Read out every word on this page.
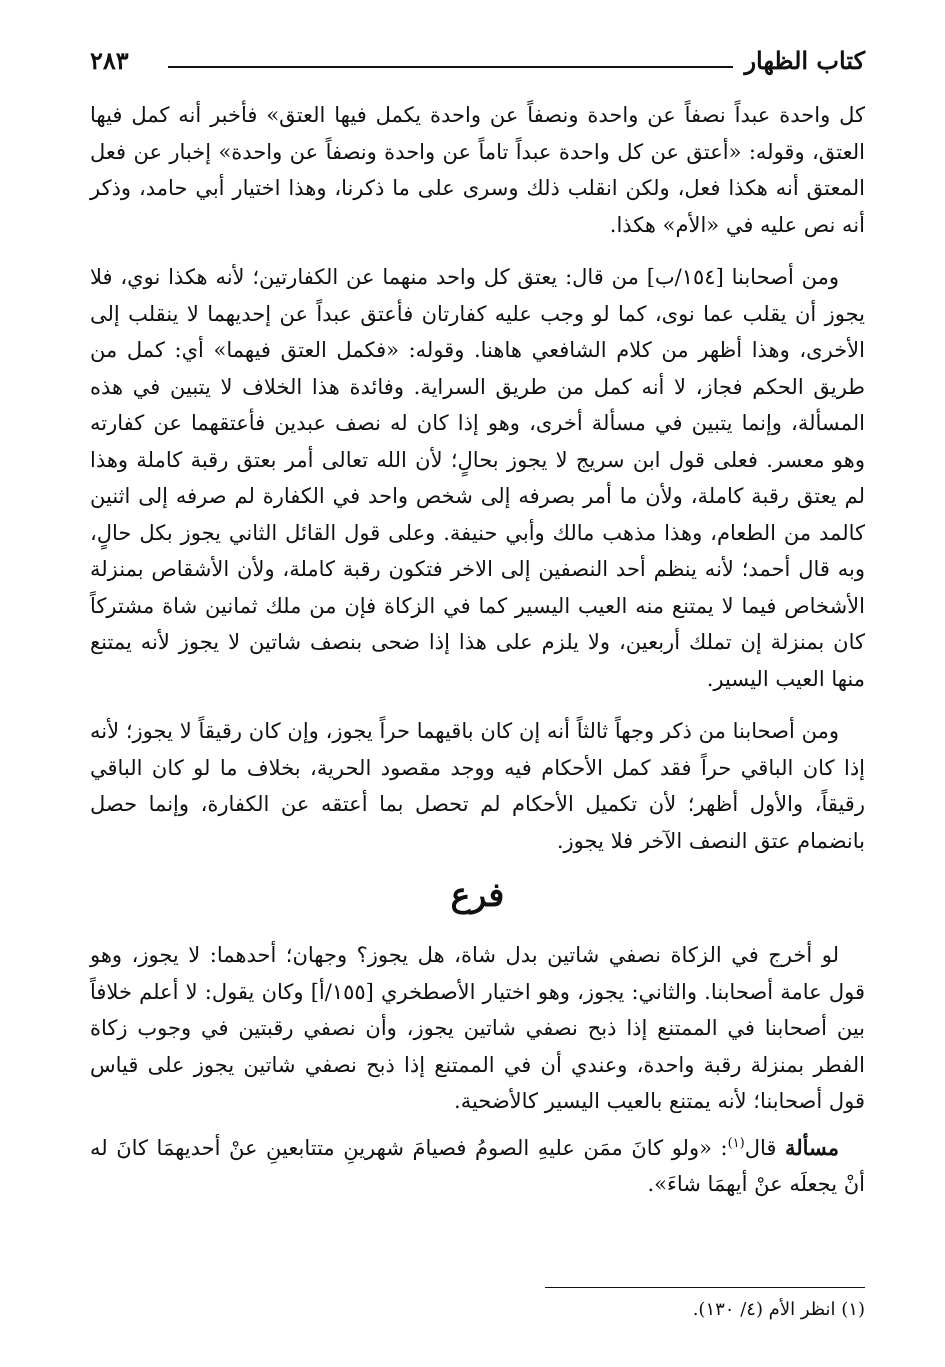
كتاب الظهار
٢٨٣

كل واحدة عبداً نصفاً عن واحدة ونصفاً عن واحدة يكمل فيها العتق» فأخبر أنه كمل فيها العتق، وقوله: «أعتق عن كل واحدة عبداً تاماً عن واحدة ونصفاً عن واحدة» إخبار عن فعل المعتق أنه هكذا فعل، ولكن انقلب ذلك وسرى على ما ذكرنا، وهذا اختيار أبي حامد، وذكر أنه نص عليه في «الأم» هكذا.

ومن أصحابنا [١٥٤/ب] من قال: يعتق كل واحد منهما عن الكفارتين؛ لأنه هكذا نوي، فلا يجوز أن يقلب عما نوى، كما لو وجب عليه كفارتان فأعتق عبداً عن إحديهما لا ينقلب إلى الأخرى، وهذا أظهر من كلام الشافعي هاهنا. وقوله: «فكمل العتق فيهما» أي: كمل من طريق الحكم فجاز، لا أنه كمل من طريق السراية. وفائدة هذا الخلاف لا يتبين في هذه المسألة، وإنما يتبين في مسألة أخرى، وهو إذا كان له نصف عبدين فأعتقهما عن كفارته وهو معسر. فعلى قول ابن سريج لا يجوز بحالٍ؛ لأن الله تعالى أمر بعتق رقبة كاملة وهذا لم يعتق رقبة كاملة، ولأن ما أمر بصرفه إلى شخص واحد في الكفارة لم صرفه إلى اثنين كالمد من الطعام، وهذا مذهب مالك وأبي حنيفة. وعلى قول القائل الثاني يجوز بكل حالٍ، وبه قال أحمد؛ لأنه ينظم أحد النصفين إلى الاخر فتكون رقبة كاملة، ولأن الأشقاص بمنزلة الأشخاص فيما لا يمتنع منه العيب اليسير كما في الزكاة فإن من ملك ثمانين شاة مشتركاً كان بمنزلة إن تملك أربعين، ولا يلزم على هذا إذا ضحى بنصف شاتين لا يجوز لأنه يمتنع منها العيب اليسير.

ومن أصحابنا من ذكر وجهاً ثالثاً أنه إن كان باقيهما حراً يجوز، وإن كان رقيقاً لا يجوز؛ لأنه إذا كان الباقي حراً فقد كمل الأحكام فيه ووجد مقصود الحرية، بخلاف ما لو كان الباقي رقيقاً، والأول أظهر؛ لأن تكميل الأحكام لم تحصل بما أعتقه عن الكفارة، وإنما حصل بانضمام عتق النصف الآخر فلا يجوز.

فرع

لو أخرج في الزكاة نصفي شاتين بدل شاة، هل يجوز؟ وجهان؛ أحدهما: لا يجوز، وهو قول عامة أصحابنا. والثاني: يجوز، وهو اختيار الأصطخري [١٥٥/أ] وكان يقول: لا أعلم خلافاً بين أصحابنا في الممتنع إذا ذبح نصفي شاتين يجوز، وأن نصفي رقبتين في وجوب زكاة الفطر بمنزلة رقبة واحدة، وعندي أن في الممتنع إذا ذبح نصفي شاتين يجوز على قياس قول أصحابنا؛ لأنه يمتنع بالعيب اليسير كالأضحية.

مسألة قال$^{(١)}$: «ولو كانَ ممَن عليهِ الصومُ فصيامَ شهرينِ متتابعينِ عنْ أحديهمَا كانَ له أنْ يجعلَه عنْ أيهمَا شاءَ».

(١) انظر الأم (٤/ ١٣٠).
